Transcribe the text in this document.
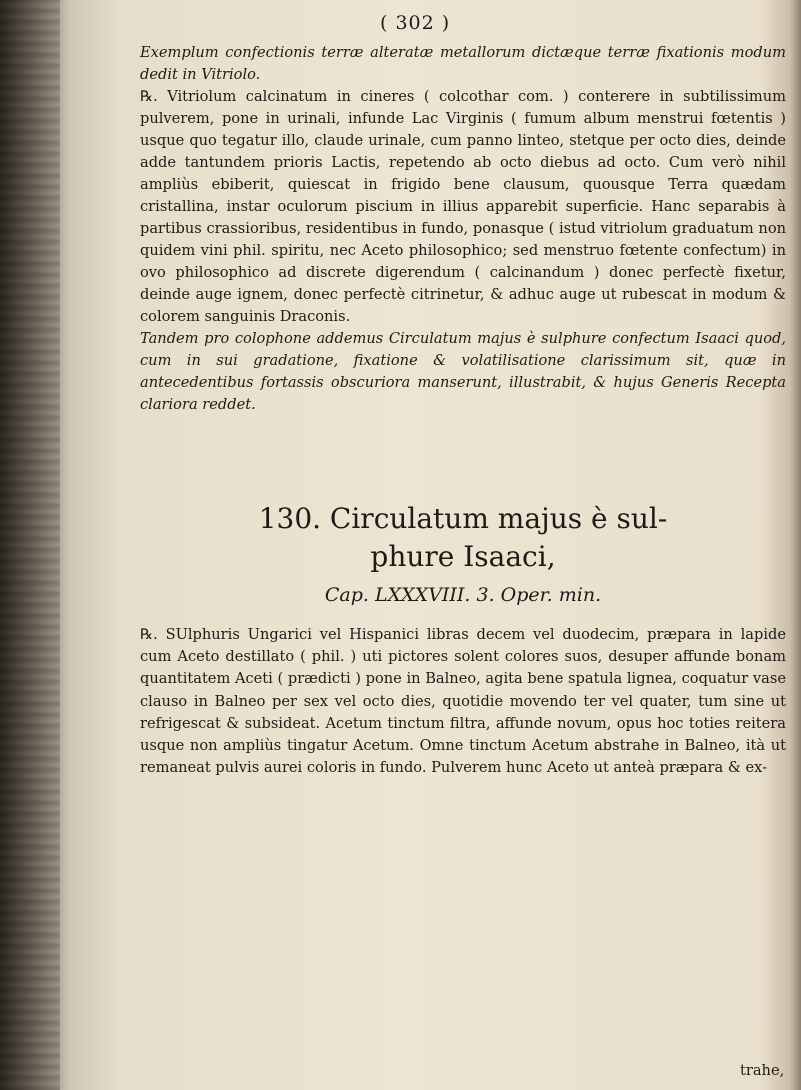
( 302 )

Exemplum confectionis terræ alteratæ metallorum dictæque terræ fixationis modum dedit in Vitriolo.

℞. Vitriolum calcinatum in cineres ( colcothar com. ) conterere in subtilissimum pulverem, pone in urinali, infunde Lac Virginis ( fumum album menstrui fœtentis ) usque quo tegatur illo, claude urinale, cum panno linteo, stetque per octo dies, deinde adde tantundem prioris Lactis, repetendo ab octo diebus ad octo. Cum verò nihil ampliùs ebiberit, quiescat in frigido bene clausum, quousque Terra quædam cristallina, instar oculorum piscium in illius apparebit superficie. Hanc separabis à partibus crassioribus, residentibus in fundo, ponasque ( istud vitriolum graduatum non quidem vini phil. spiritu, nec Aceto philosophico; sed menstruo fœtente confectum) in ovo philosophico ad discrete digerendum ( calcinandum ) donec perfectè fixetur, deinde auge ignem, donec perfectè citrinetur, & adhuc auge ut rubescat in modum & colorem sanguinis Draconis.

Tandem pro colophone addemus Circulatum majus è sulphure confectum Isaaci quod, cum in sui gradatione, fixatione & volatilisatione clarissimum sit, quæ in antecedentibus fortassis obscuriora manserunt, illustrabit, & hujus Generis Recepta clariora reddet.

130. Circulatum majus è sul-
phure Isaaci,
Cap. LXXXVIII. 3. Oper. min.

℞. SUlphuris Ungarici vel Hispanici libras decem vel duodecim, præpara in lapide cum Aceto destillato ( phil. ) uti pictores solent colores suos, desuper affunde bonam quantitatem Aceti ( prædicti ) pone in Balneo, agita bene spatula lignea, coquatur vase clauso in Balneo per sex vel octo dies, quotidie movendo ter vel quater, tum sine ut refrigescat & subsideat. Acetum tinctum filtra, affunde novum, opus hoc toties reitera usque non ampliùs tingatur Acetum. Omne tinctum Acetum abstrahe in Balneo, ità ut remaneat pulvis aurei coloris in fundo. Pulverem hunc Aceto ut anteà præpara & ex-

trahe,
